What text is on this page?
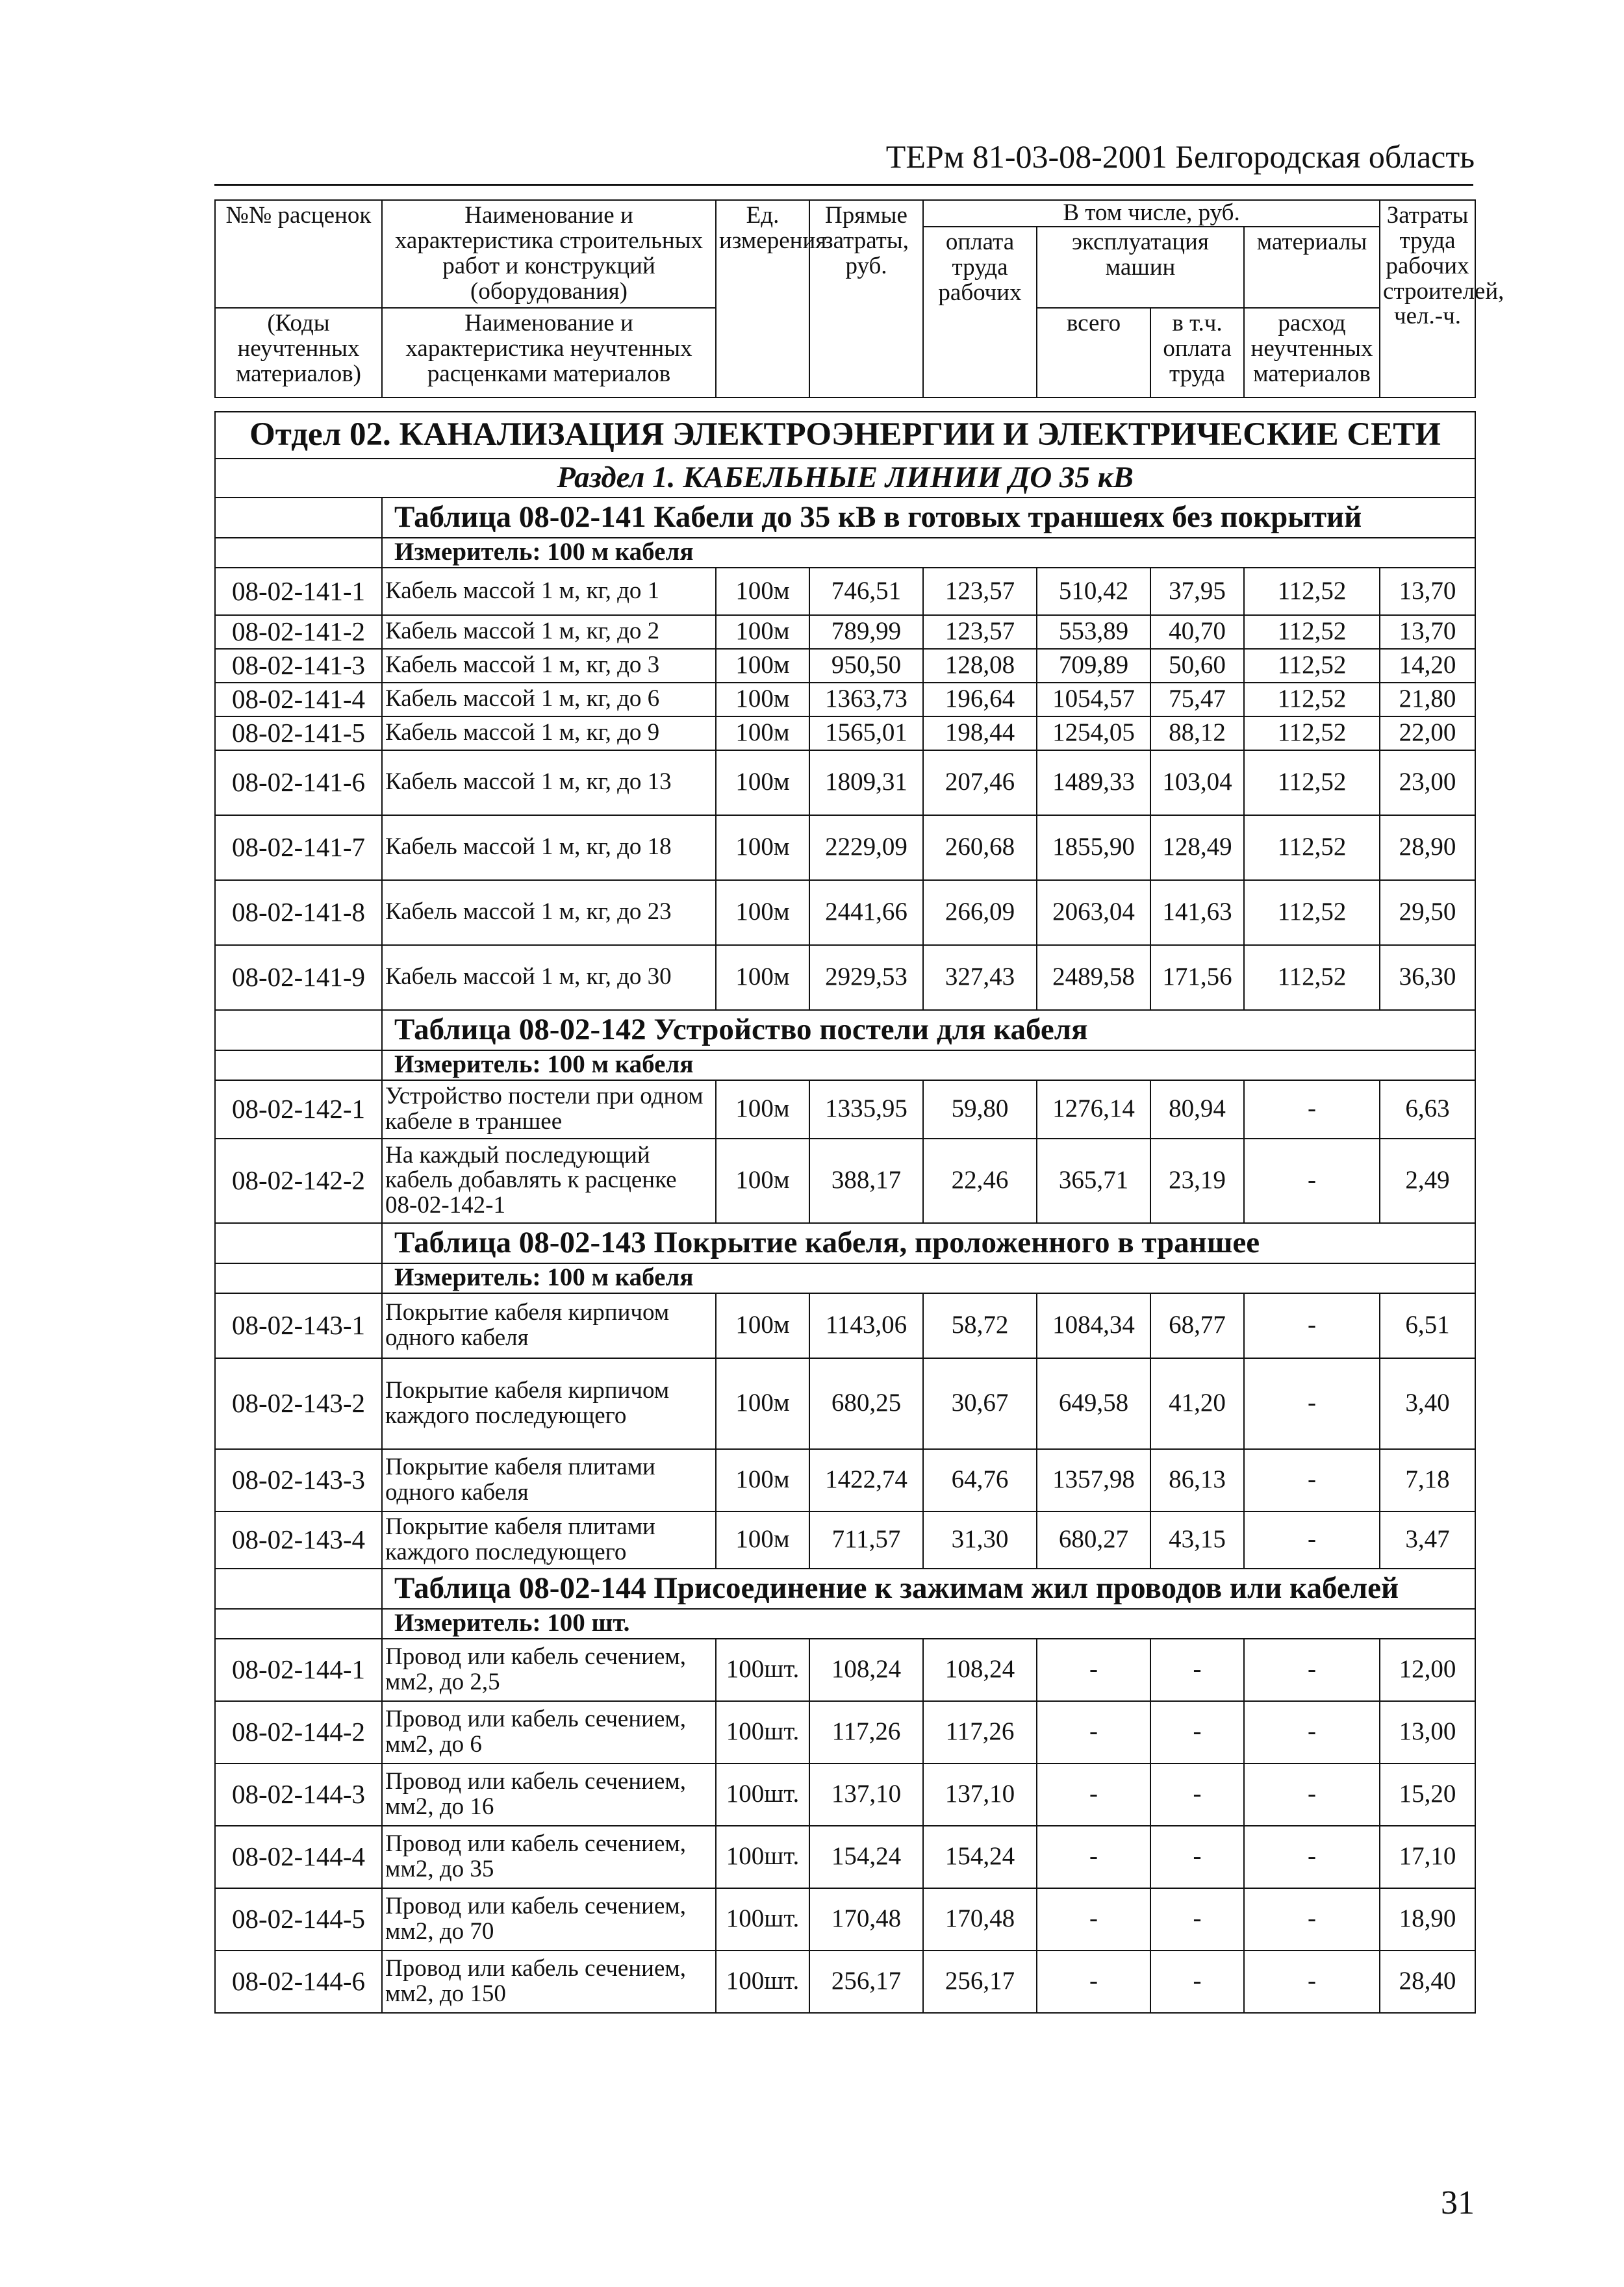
ТЕРм 81-03-08-2001 Белгородская область
№№ расценок	Наименование и характеристика строительных работ и конструкций (оборудования)	Ед. измерения	Прямые затраты, руб.	В том числе, руб.				Затраты труда рабочих строителей, чел.-ч.
				оплата труда рабочих	эксплуатация машин		материалы	

(Коды неучтенных материалов)	Наименование и характеристика неучтенных расценками материалов				всего	в т.ч. оплата труда	расход неучтенных материалов	

Отдел 02. КАНАЛИЗАЦИЯ ЭЛЕКТРОЭНЕРГИИ И ЭЛЕКТРИЧЕСКИЕ СЕТИ								
Раздел 1. КАБЕЛЬНЫЕ ЛИНИИ ДО 35 кВ								
	Таблица 08-02-141 Кабели до 35 кВ в готовых траншеях без покрытий							
	Измеритель: 100 м кабеля							
08-02-141-1	Кабель массой 1 м, кг, до 1	100м	746,51	123,57	510,42	37,95	112,52	13,70
08-02-141-2	Кабель массой 1 м, кг, до 2	100м	789,99	123,57	553,89	40,70	112,52	13,70
08-02-141-3	Кабель массой 1 м, кг, до 3	100м	950,50	128,08	709,89	50,60	112,52	14,20
08-02-141-4	Кабель массой 1 м, кг, до 6	100м	1363,73	196,64	1054,57	75,47	112,52	21,80
08-02-141-5	Кабель массой 1 м, кг, до 9	100м	1565,01	198,44	1254,05	88,12	112,52	22,00
08-02-141-6	Кабель массой 1 м, кг, до 13	100м	1809,31	207,46	1489,33	103,04	112,52	23,00
08-02-141-7	Кабель массой 1 м, кг, до 18	100м	2229,09	260,68	1855,90	128,49	112,52	28,90
08-02-141-8	Кабель массой 1 м, кг, до 23	100м	2441,66	266,09	2063,04	141,63	112,52	29,50
08-02-141-9	Кабель массой 1 м, кг, до 30	100м	2929,53	327,43	2489,58	171,56	112,52	36,30
	Таблица 08-02-142 Устройство постели для кабеля							
	Измеритель: 100 м кабеля							
08-02-142-1	Устройство постели при одном кабеле в траншее	100м	1335,95	59,80	1276,14	80,94	-	6,63
08-02-142-2	На каждый последующий кабель добавлять к расценке 08-02-142-1	100м	388,17	22,46	365,71	23,19	-	2,49
	Таблица 08-02-143 Покрытие кабеля, проложенного в траншее							
	Измеритель: 100 м кабеля							
08-02-143-1	Покрытие кабеля кирпичом одного кабеля	100м	1143,06	58,72	1084,34	68,77	-	6,51
08-02-143-2	Покрытие кабеля кирпичом каждого последующего	100м	680,25	30,67	649,58	41,20	-	3,40
08-02-143-3	Покрытие кабеля плитами одного кабеля	100м	1422,74	64,76	1357,98	86,13	-	7,18
08-02-143-4	Покрытие кабеля плитами каждого последующего	100м	711,57	31,30	680,27	43,15	-	3,47
	Таблица 08-02-144 Присоединение к зажимам жил проводов или кабелей							
	Измеритель: 100 шт.							
08-02-144-1	Провод или кабель сечением, мм2, до 2,5	100шт.	108,24	108,24	-	-	-	12,00
08-02-144-2	Провод или кабель сечением, мм2, до 6	100шт.	117,26	117,26	-	-	-	13,00
08-02-144-3	Провод или кабель сечением, мм2, до 16	100шт.	137,10	137,10	-	-	-	15,20
08-02-144-4	Провод или кабель сечением, мм2, до 35	100шт.	154,24	154,24	-	-	-	17,10
08-02-144-5	Провод или кабель сечением, мм2, до 70	100шт.	170,48	170,48	-	-	-	18,90
08-02-144-6	Провод или кабель сечением, мм2, до 150	100шт.	256,17	256,17	-	-	-	28,40
31
